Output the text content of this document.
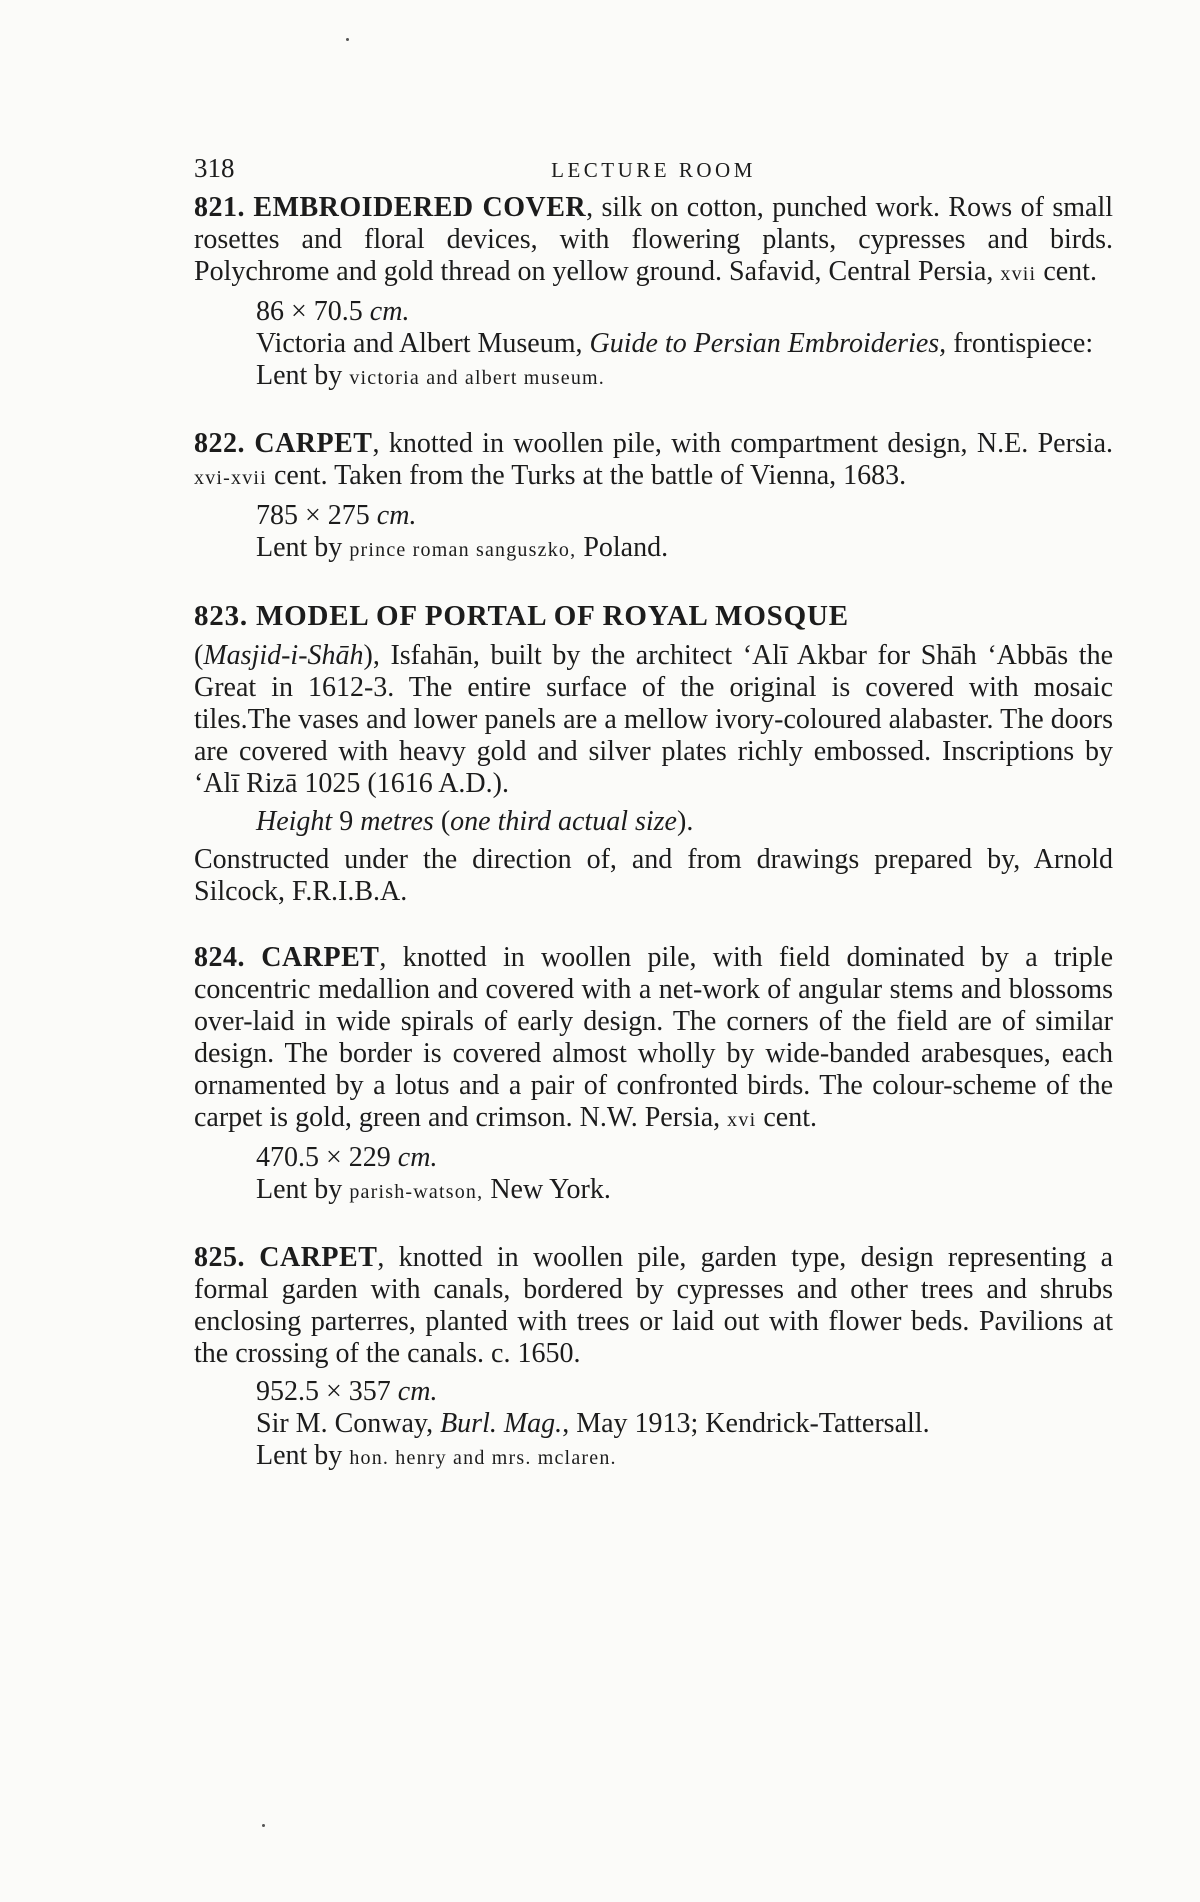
318	LECTURE ROOM

821. EMBROIDERED COVER, silk on cotton, punched work. Rows of small rosettes and floral devices, with flowering plants, cypresses and birds. Polychrome and gold thread on yellow ground. Safavid, Central Persia, xvii cent.

86 × 70.5 cm.

Victoria and Albert Museum, Guide to Persian Embroideries, frontispiece:

Lent by victoria and albert museum.

822. CARPET, knotted in woollen pile, with compartment design, N.E. Persia. xvi-xvii cent. Taken from the Turks at the battle of Vienna, 1683.

785 × 275 cm.

Lent by prince roman sanguszko, Poland.

823. MODEL OF PORTAL OF ROYAL MOSQUE

(Masjid-i-Shāh), Isfahān, built by the architect ‘Alī Akbar for Shāh ‘Abbās the Great in 1612-3. The entire surface of the original is covered with mosaic tiles.The vases and lower panels are a mellow ivory-coloured alabaster. The doors are covered with heavy gold and silver plates richly embossed. Inscriptions by ‘Alī Rizā 1025 (1616 A.D.).

Height 9 metres (one third actual size).

Constructed under the direction of, and from drawings prepared by, Arnold Silcock, F.R.I.B.A.

824. CARPET, knotted in woollen pile, with field dominated by a triple concentric medallion and covered with a net-work of angular stems and blossoms over-laid in wide spirals of early design. The corners of the field are of similar design. The border is covered almost wholly by wide-banded arabesques, each ornamented by a lotus and a pair of confronted birds. The colour-scheme of the carpet is gold, green and crimson. N.W. Persia, xvi cent.

470.5 × 229 cm.

Lent by parish-watson, New York.

825. CARPET, knotted in woollen pile, garden type, design representing a formal garden with canals, bordered by cypresses and other trees and shrubs enclosing parterres, planted with trees or laid out with flower beds. Pavilions at the crossing of the canals. c. 1650.

952.5 × 357 cm.

Sir M. Conway, Burl. Mag., May 1913; Kendrick-Tattersall.

Lent by hon. henry and mrs. mclaren.
